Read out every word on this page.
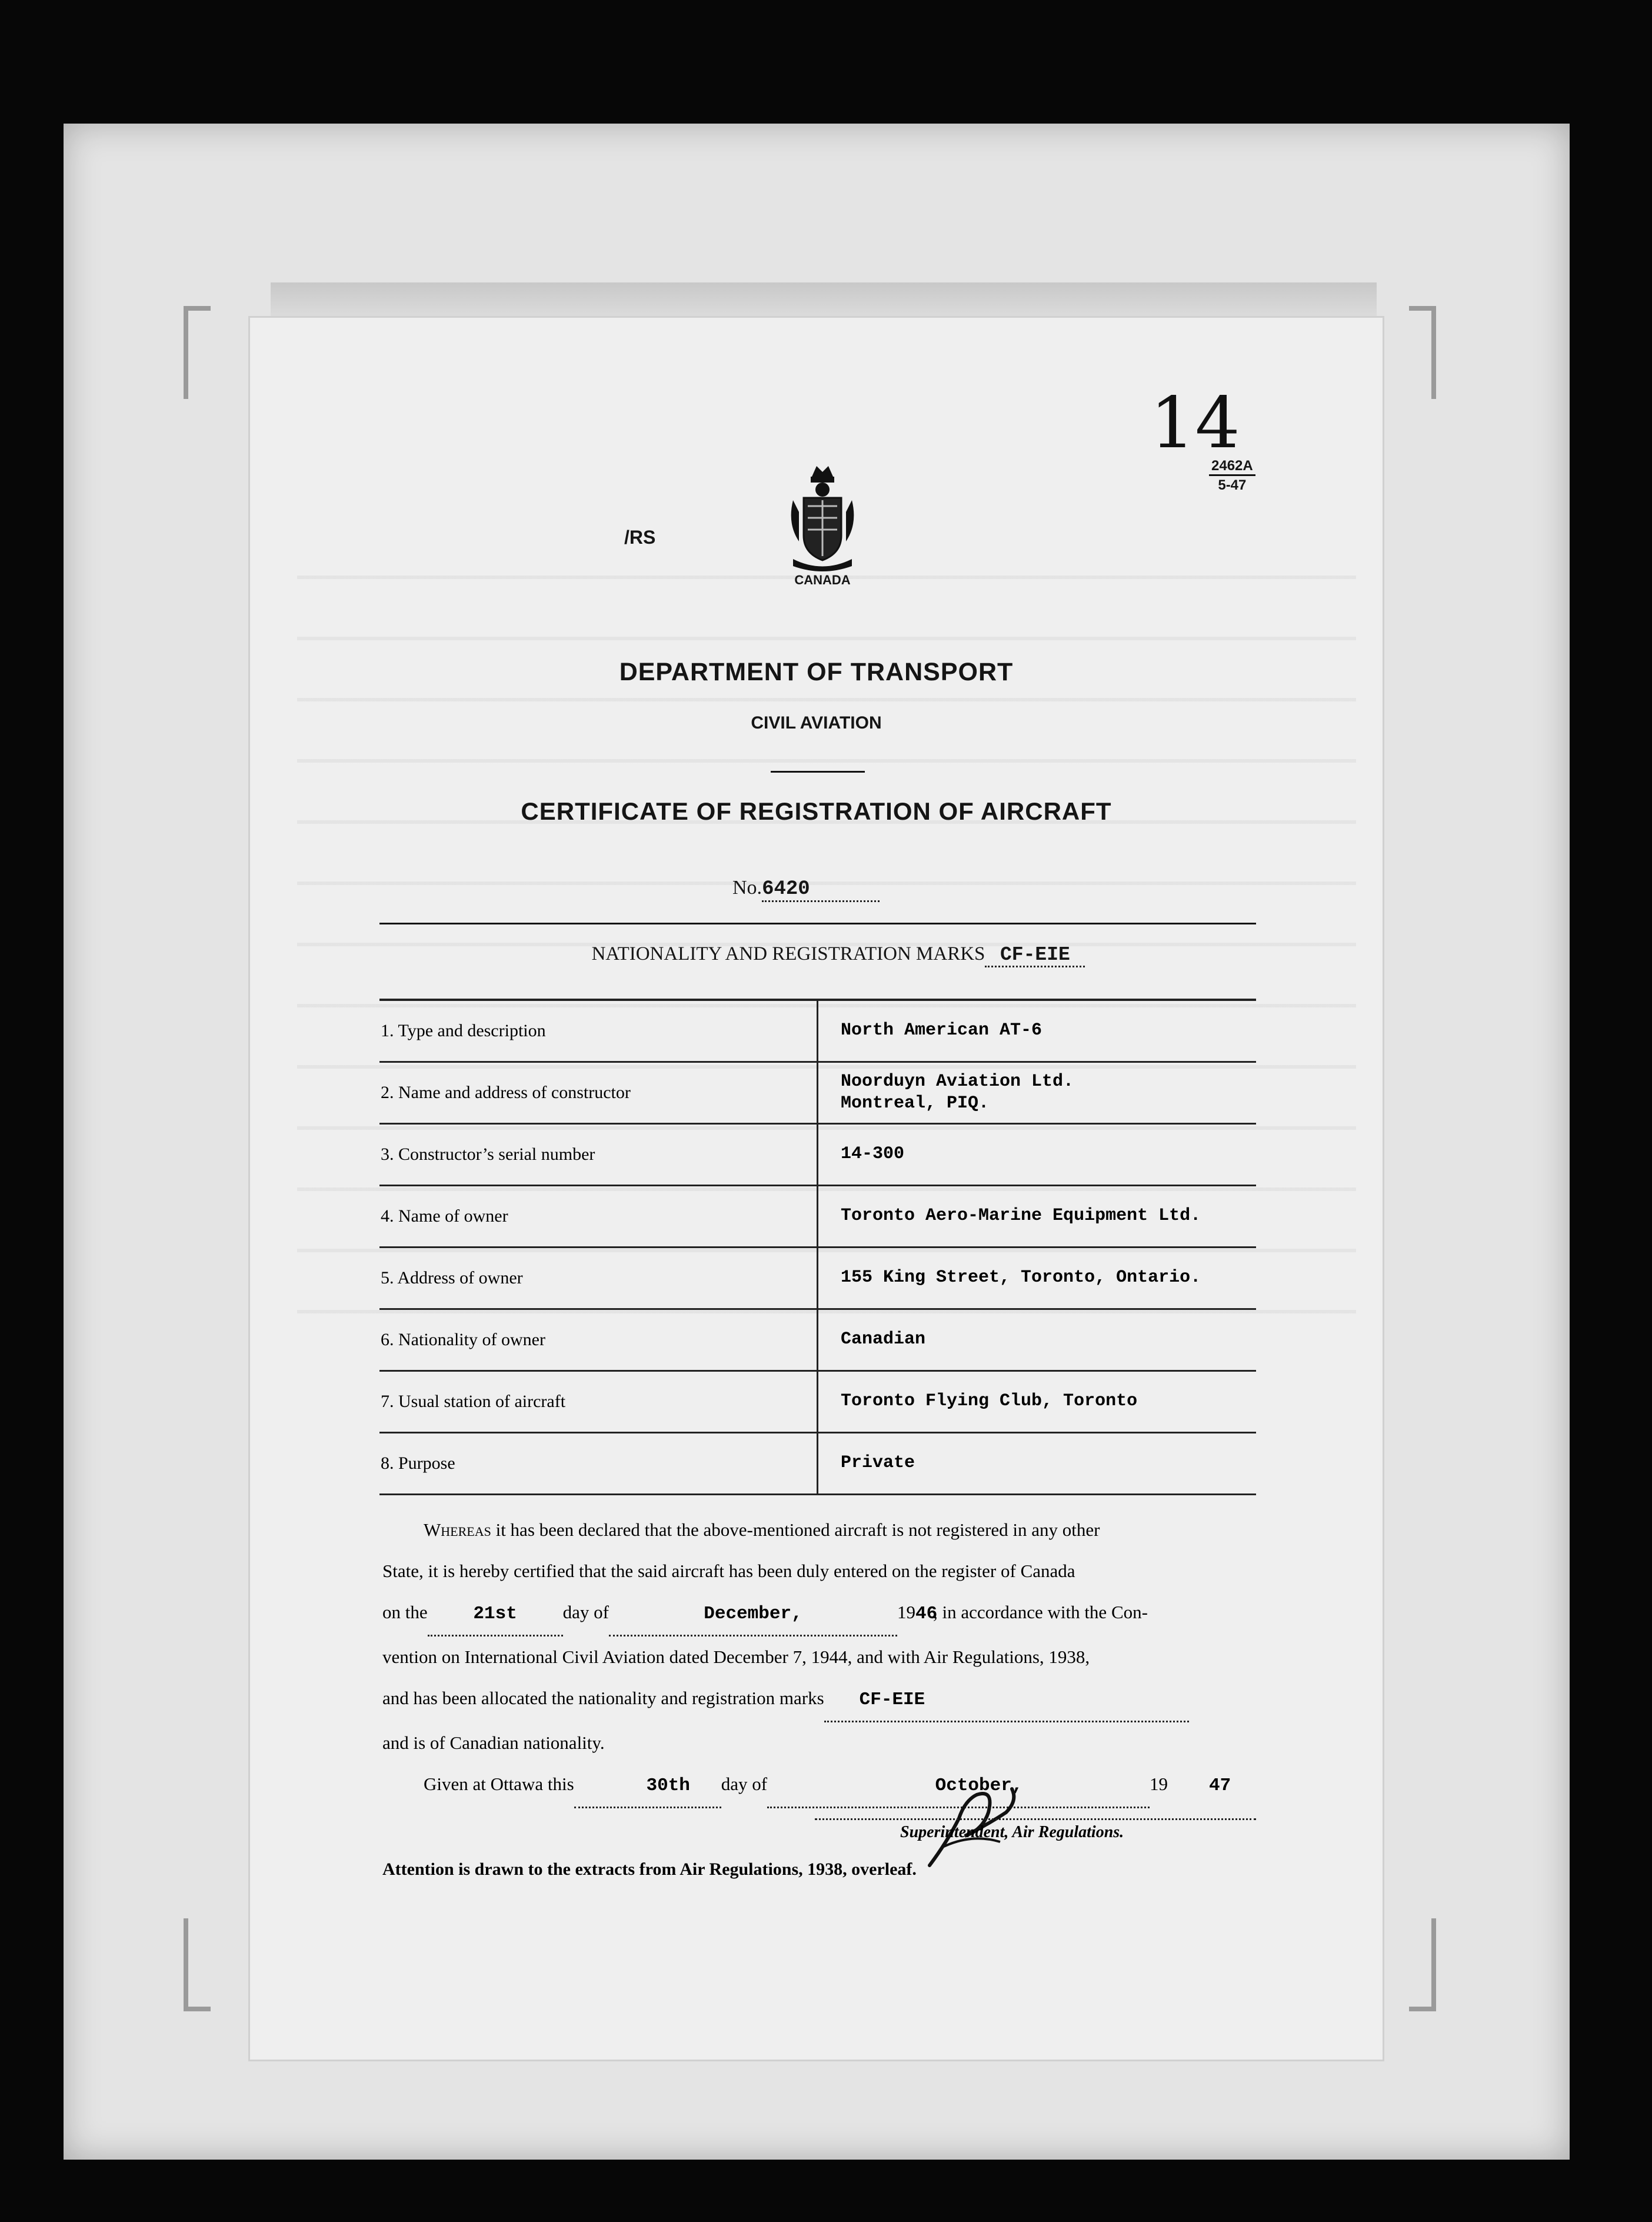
14
2462A
5-47
/RS
CANADA
DEPARTMENT OF TRANSPORT
CIVIL AVIATION
CERTIFICATE OF REGISTRATION OF AIRCRAFT
No.6420
NATIONALITY AND REGISTRATION MARKS CF-EIE
1. Type and description	North American AT-6
2. Name and address of constructor	Noorduyn Aviation Ltd.
Montreal, PIQ.
3. Constructor’s serial number	14-300
4. Name of owner	Toronto Aero-Marine Equipment Ltd.
5. Address of owner	155 King Street, Toronto, Ontario.
6. Nationality of owner	Canadian
7. Usual station of aircraft	Toronto Flying Club, Toronto
8. Purpose	Private
Whereas it has been declared that the above-mentioned aircraft is not registered in any other
State, it is hereby certified that the said aircraft has been duly entered on the register of Canada
on the	21st	day of	December,	1946, in accordance with the Con-
vention on International Civil Aviation dated December 7, 1944, and with Air Regulations, 1938,
and has been allocated the nationality and registration marks CF-EIE
and is of Canadian nationality.
Given at Ottawa this	30th day of	October,	19 47
Superintendent, Air Regulations.
Attention is drawn to the extracts from Air Regulations, 1938, overleaf.
